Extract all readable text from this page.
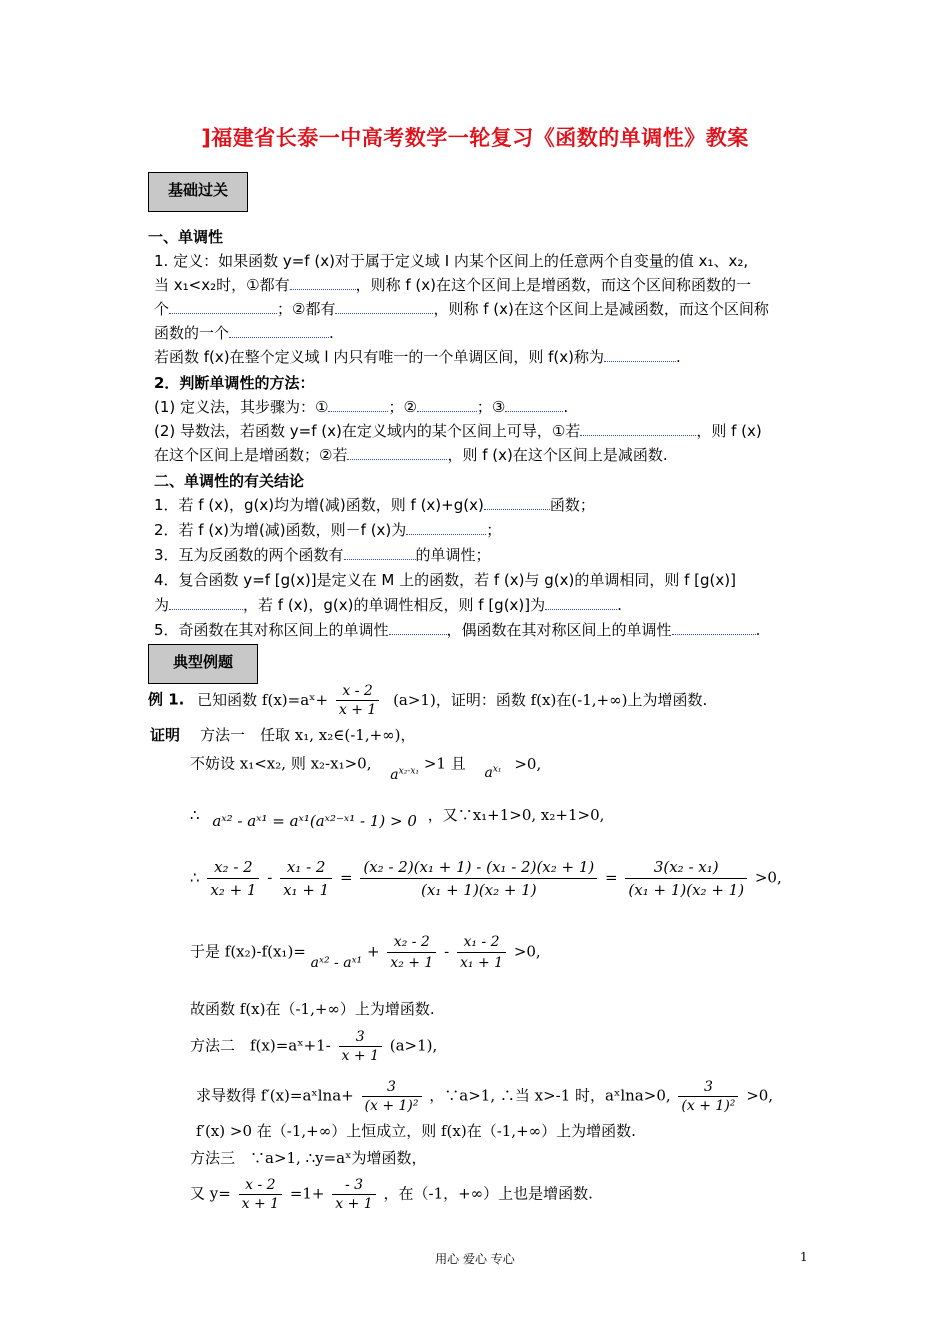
]福建省长泰一中高考数学一轮复习《函数的单调性》教案
基础过关
一、单调性
1. 定义：如果函数 y=f (x)对于属于定义域 I 内某个区间上的任意两个自变量的值 x₁、x₂,
当 x₁<x₂时，①都有	，则称 f (x)在这个区间上是增函数，而这个区间称函数的一
个	；②都有	，则称 f (x)在这个区间上是减函数，而这个区间称
函数的一个	.
若函数 f(x)在整个定义域 l 内只有唯一的一个单调区间，则 f(x)称为	.
2．判断单调性的方法：
(1) 定义法，其步骤为：①	；②	；③	.
(2) 导数法，若函数 y=f (x)在定义域内的某个区间上可导，①若	，则 f (x)
在这个区间上是增函数；②若	，则 f (x)在这个区间上是减函数.
二、单调性的有关结论
1．若 f (x)，g(x)均为增(减)函数，则 f (x)+g(x)	函数；
2．若 f (x)为增(减)函数，则－f (x)为	；
3．互为反函数的两个函数有	的单调性；
4．复合函数 y=f [g(x)]是定义在 M 上的函数，若 f (x)与 g(x)的单调相同，则 f [g(x)]
为	，若 f (x)，g(x)的单调性相反，则 f [g(x)]为	.
5．奇函数在其对称区间上的单调性	，偶函数在其对称区间上的单调性	.
典型例题
例 1. 已知函数 f(x)=aˣ+ $\frac{x - 2}{x + 1} (a>1)$，证明：函数 f(x)在(-1,+∞)上为增函数.
证明 方法一　任取 x₁, x₂∈(-1,+∞)，
不妨设 x₁<x₂, 则 x₂-x₁>0, $a^{x_2-x_1} >1$ 且 $a^{x_1} >0$,
∴ aˣ² - aˣ¹ = aˣ¹(aˣ²⁻ˣ¹ - 1) > 0 ，又∵x₁+1>0, x₂+1>0,
∴ $\frac{\text{x₂ - 2}}{\text{x₂ + 1}} - \frac{\text{x₁ - 2}}{\text{x₁ + 1}} = \frac{\text{(x₂ - 2)(x₁ + 1) - (x₁ - 2)(x₂ + 1)}}{\text{(x₁ + 1)(x₂ + 1)}} = \frac{\text{3(x₂ - x₁)}}{\text{(x₁ + 1)(x₂ + 1)}} >0$,
于是 f(x₂)-f(x₁)= aˣ² - aˣ¹ + $\frac{\text{x₂ - 2}}{\text{x₂ + 1}} - \frac{\text{x₁ - 2}}{\text{x₁ + 1}} >0$,
故函数 f(x)在（-1,+∞）上为增函数.
方法二　f(x)=aˣ+1- $\frac{3}{x + 1} (a>1)$,
求导数得 f′(x)=aˣlna+ $\frac{3}{\text{(x + 1)²}}$ ，∵a>1, ∴当 x>-1 时，aˣlna>0, $\frac{3}{\text{(x + 1)²}} >0$,
f′(x) >0 在（-1,+∞）上恒成立，则 f(x)在（-1,+∞）上为增函数.
方法三　∵a>1, ∴y=aˣ为增函数，
又 $y= \frac{x - 2}{x + 1} =1+ \frac{- 3}{x + 1}$ ，在（-1，+∞）上也是增函数.
用心 爱心 专心	1
